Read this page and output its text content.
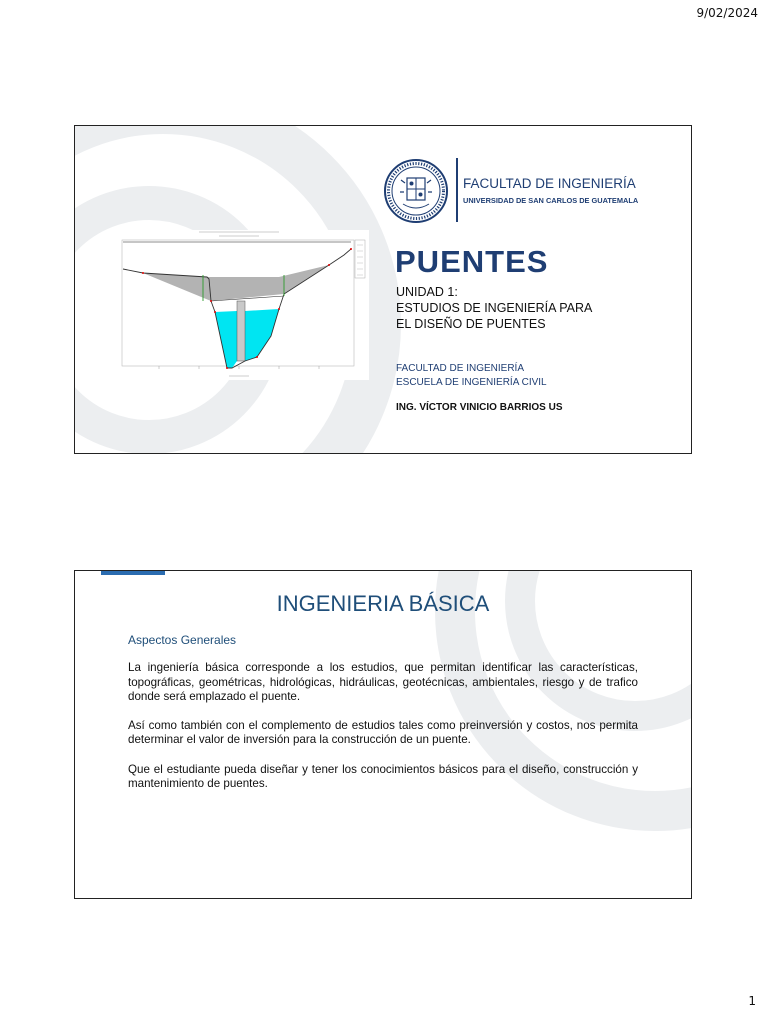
9/02/2024
FACULTAD DE INGENIERÍA
UNIVERSIDAD DE SAN CARLOS DE GUATEMALA
PUENTES
UNIDAD 1:
ESTUDIOS DE INGENIERÍA PARA
EL DISEÑO DE PUENTES
FACULTAD DE INGENIERÍA
ESCUELA DE INGENIERÍA CIVIL
ING. VÍCTOR VINICIO BARRIOS US
INGENIERIA BÁSICA
Aspectos Generales

La ingeniería básica corresponde a los estudios, que permitan identificar las características, topográficas, geométricas, hidrológicas, hidráulicas, geotécnicas, ambientales, riesgo y de trafico donde será emplazado el puente.

Así como también con el complemento de estudios tales como preinversión y costos, nos permita determinar el valor de inversión para la construcción de un puente.

Que el estudiante pueda diseñar y tener los conocimientos básicos para el diseño, construcción y mantenimiento de puentes.

1
